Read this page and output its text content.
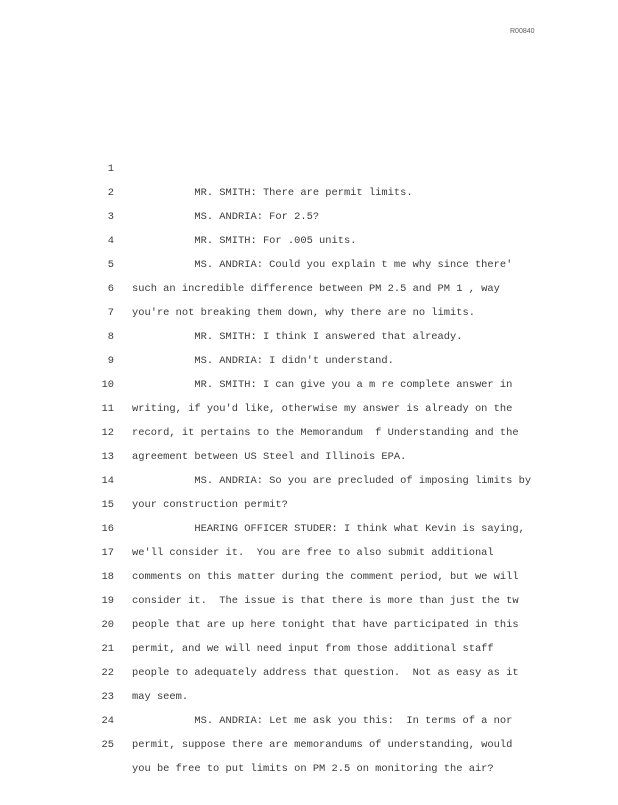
R00840

1

MR. SMITH: There are permit limits.

2

MS. ANDRIA: For 2.5?

3

MR. SMITH: For .005 units.

4

MS. ANDRIA: Could you explain t me why since there'

5

such an incredible difference between PM 2.5 and PM 1 , way

6

you're not breaking them down, why there are no limits.

7

MR. SMITH: I think I answered that already.

8

MS. ANDRIA: I didn't understand.

9

MR. SMITH: I can give you a m re complete answer in

10

writing, if you'd like, otherwise my answer is already on the

11

record, it pertains to the Memorandum  f Understanding and the

12

agreement between US Steel and Illinois EPA.

13

MS. ANDRIA: So you are precluded of imposing limits by

14

your construction permit?

15

HEARING OFFICER STUDER: I think what Kevin is saying,

16

we'll consider it.  You are free to also submit additional

17

comments on this matter during the comment period, but we will

18

consider it.  The issue is that there is more than just the tw

19

people that are up here tonight that have participated in this

20

permit, and we will need input from those additional staff

21

people to adequately address that question.  Not as easy as it

22

may seem.

23

MS. ANDRIA: Let me ask you this:  In terms of a nor

24

permit, suppose there are memorandums of understanding, would

25

you be free to put limits on PM 2.5 on monitoring the air?
